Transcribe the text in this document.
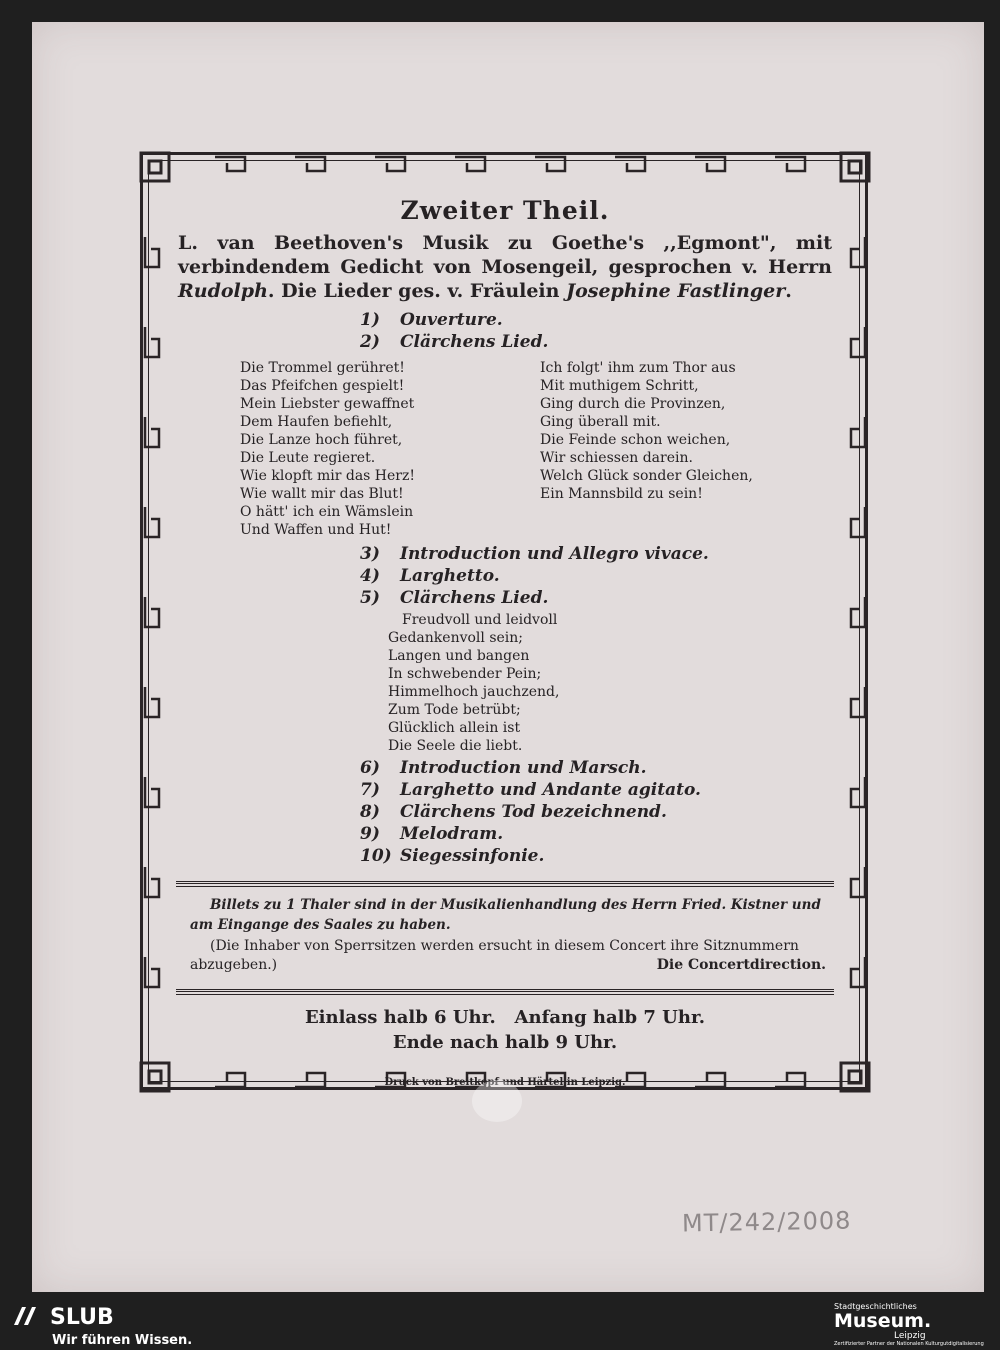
Zweiter Theil.
L. van Beethoven's Musik zu Goethe's ,,Egmont", mit verbindendem Gedicht von Mosengeil, gesprochen v. Herrn Rudolph. Die Lieder ges. v. Fräulein Josephine Fastlinger.
1) Ouverture.
2) Clärchens Lied.

Die Trommel gerühret!

Das Pfeifchen gespielt!

Mein Liebster gewaffnet

Dem Haufen befiehlt,

Die Lanze hoch führet,

Die Leute regieret.

Wie klopft mir das Herz!

Wie wallt mir das Blut!

O hätt' ich ein Wämslein

Und Waffen und Hut!

Ich folgt' ihm zum Thor aus

Mit muthigem Schritt,

Ging durch die Provinzen,

Ging überall mit.

Die Feinde schon weichen,

Wir schiessen darein.

Welch Glück sonder Gleichen,

Ein Mannsbild zu sein!

3) Introduction und Allegro vivace.
4) Larghetto.
5) Clärchens Lied.

Freudvoll und leidvoll

Gedankenvoll sein;

Langen und bangen

In schwebender Pein;

Himmelhoch jauchzend,

Zum Tode betrübt;

Glücklich allein ist

Die Seele die liebt.

6) Introduction und Marsch.
7) Larghetto und Andante agitato.
8) Clärchens Tod bezeichnend.
9) Melodram.
10) Siegessinfonie.
Billets zu 1 Thaler sind in der Musikalienhandlung des Herrn Fried. Kistner und am Eingange des Saales zu haben.
(Die Inhaber von Sperrsitzen werden ersucht in diesem Concert ihre Sitznummern abzugeben.)	Die Concertdirection.
Einlass halb 6 Uhr.   Anfang halb 7 Uhr.
Ende nach halb 9 Uhr.
Druck von Breitkopf und Härtel in Leipzig.
MT/242/2008
SLUB
Wir führen Wissen.
Stadtgeschichtliches
Museum.
Leipzig
Zertifizierter Partner der Nationalen Kulturgutdigitalisierung
